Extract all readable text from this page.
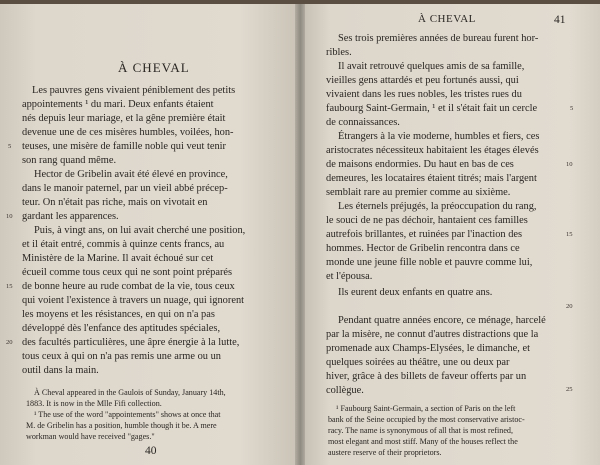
À CHEVAL
Les pauvres gens vivaient péniblement des petits
appointements ¹ du mari. Deux enfants étaient
nés depuis leur mariage, et la gêne première était
devenue une de ces misères humbles, voilées, hon-
teuses, une misère de famille noble qui veut tenir
son rang quand même.
Hector de Gribelin avait été élevé en province,
dans le manoir paternel, par un vieil abbé précep-
teur. On n'était pas riche, mais on vivotait en
gardant les apparences.
Puis, à vingt ans, on lui avait cherché une position,
et il était entré, commis à quinze cents francs, au
Ministère de la Marine. Il avait échoué sur cet
écueil comme tous ceux qui ne sont point préparés
de bonne heure au rude combat de la vie, tous ceux
qui voient l'existence à travers un nuage, qui ignorent
les moyens et les résistances, en qui on n'a pas
développé dès l'enfance des aptitudes spéciales,
des facultés particulières, une âpre énergie à la lutte,
tous ceux à qui on n'a pas remis une arme ou un
outil dans la main.
5
10
15
20
À Cheval appeared in the Gaulois of Sunday, January 14th,
1883. It is now in the Mlle Fifi collection.
¹ The use of the word "appointements" shows at once that
M. de Gribelin has a position, humble though it be. A mere
workman would have received "gages."
40
À CHEVAL	41
Ses trois premières années de bureau furent hor-
ribles.
Il avait retrouvé quelques amis de sa famille,
vieilles gens attardés et peu fortunés aussi, qui
vivaient dans les rues nobles, les tristes rues du
faubourg Saint-Germain, ¹ et il s'était fait un cercle
de connaissances.
Étrangers à la vie moderne, humbles et fiers, ces
aristocrates nécessiteux habitaient les étages élevés
de maisons endormies. Du haut en bas de ces
demeures, les locataires étaient titrés; mais l'argent
semblait rare au premier comme au sixième.
Les éternels préjugés, la préoccupation du rang,
le souci de ne pas déchoir, hantaient ces familles
autrefois brillantes, et ruinées par l'inaction des
hommes. Hector de Gribelin rencontra dans ce
monde une jeune fille noble et pauvre comme lui,
et l'épousa.
Ils eurent deux enfants en quatre ans.
Pendant quatre années encore, ce ménage, harcelé
par la misère, ne connut d'autres distractions que la
promenade aux Champs-Elysées, le dimanche, et
quelques soirées au théâtre, une ou deux par
hiver, grâce à des billets de faveur offerts par un
collègue.
5
10
15
20
25
¹ Faubourg Saint-Germain, a section of Paris on the left
bank of the Seine occupied by the most conservative aristoc-
racy. The name is synonymous of all that is most refined,
most elegant and most stiff. Many of the houses reflect the
austere reserve of their proprietors.
